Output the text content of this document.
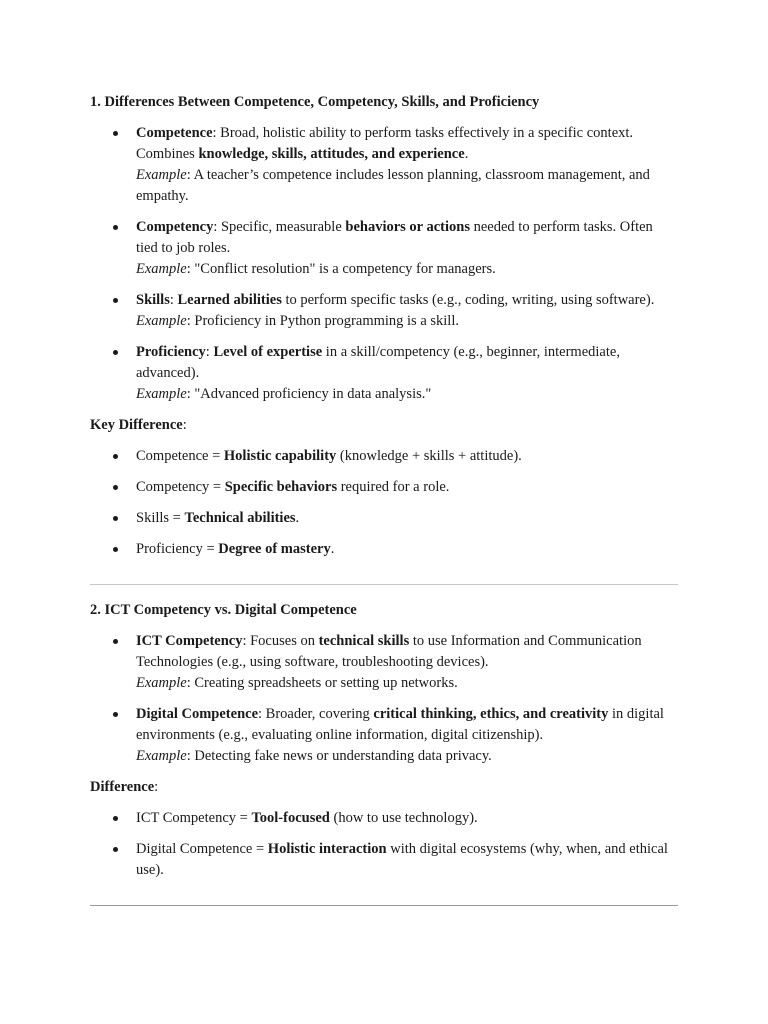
1. Differences Between Competence, Competency, Skills, and Proficiency

Competence: Broad, holistic ability to perform tasks effectively in a specific context. Combines knowledge, skills, attitudes, and experience.
Example: A teacher’s competence includes lesson planning, classroom management, and empathy.
Competency: Specific, measurable behaviors or actions needed to perform tasks. Often tied to job roles.
Example: "Conflict resolution" is a competency for managers.
Skills: Learned abilities to perform specific tasks (e.g., coding, writing, using software).
Example: Proficiency in Python programming is a skill.
Proficiency: Level of expertise in a skill/competency (e.g., beginner, intermediate, advanced).
Example: "Advanced proficiency in data analysis."

Key Difference:

Competence = Holistic capability (knowledge + skills + attitude).
Competency = Specific behaviors required for a role.
Skills = Technical abilities.
Proficiency = Degree of mastery.

2. ICT Competency vs. Digital Competence

ICT Competency: Focuses on technical skills to use Information and Communication Technologies (e.g., using software, troubleshooting devices).
Example: Creating spreadsheets or setting up networks.
Digital Competence: Broader, covering critical thinking, ethics, and creativity in digital environments (e.g., evaluating online information, digital citizenship).
Example: Detecting fake news or understanding data privacy.

Difference:

ICT Competency = Tool-focused (how to use technology).
Digital Competence = Holistic interaction with digital ecosystems (why, when, and ethical use).
